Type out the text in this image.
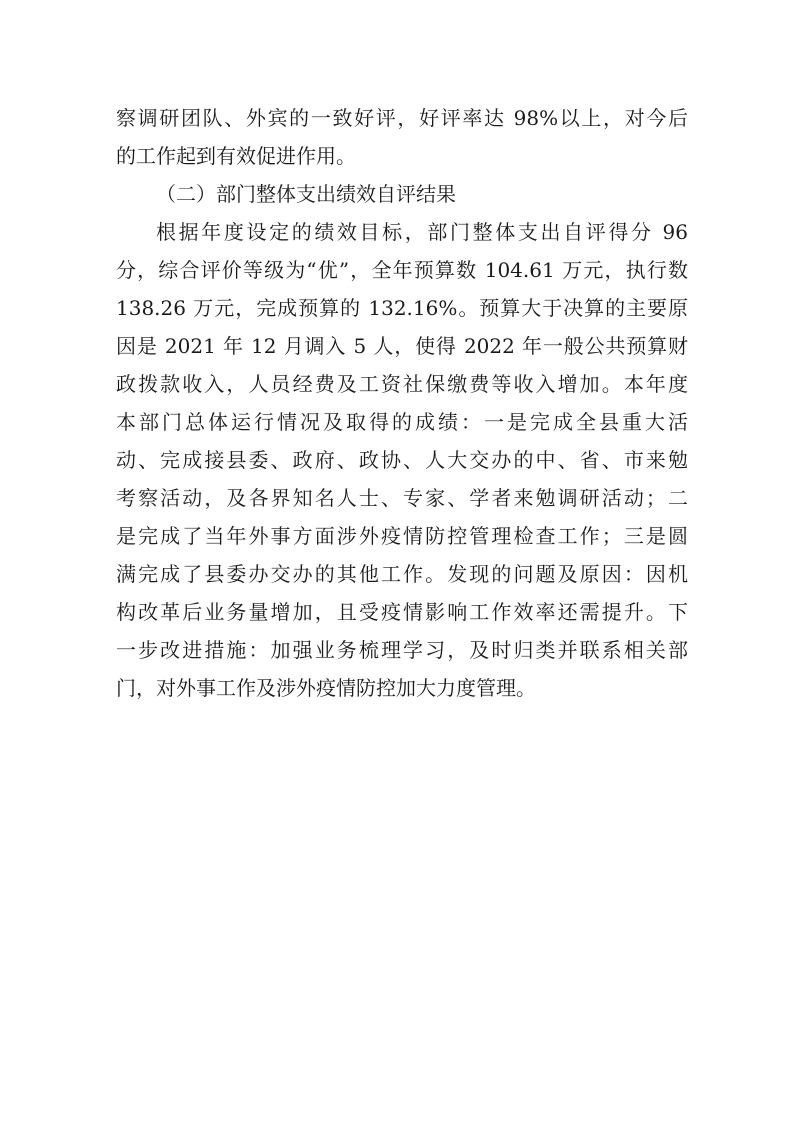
察调研团队、外宾的一致好评，好评率达 98%以上，对今后
的工作起到有效促进作用。
（二）部门整体支出绩效自评结果
根据年度设定的绩效目标，部门整体支出自评得分 96
分，综合评价等级为“优”，全年预算数 104.61 万元，执行数
138.26 万元，完成预算的 132.16%。预算大于决算的主要原
因是 2021 年 12 月调入 5 人，使得 2022 年一般公共预算财
政拨款收入，人员经费及工资社保缴费等收入增加。本年度
本部门总体运行情况及取得的成绩：一是完成全县重大活
动、完成接县委、政府、政协、人大交办的中、省、市来勉
考察活动，及各界知名人士、专家、学者来勉调研活动；二
是完成了当年外事方面涉外疫情防控管理检查工作；三是圆
满完成了县委办交办的其他工作。发现的问题及原因：因机
构改革后业务量增加，且受疫情影响工作效率还需提升。下
一步改进措施：加强业务梳理学习，及时归类并联系相关部
门，对外事工作及涉外疫情防控加大力度管理。
